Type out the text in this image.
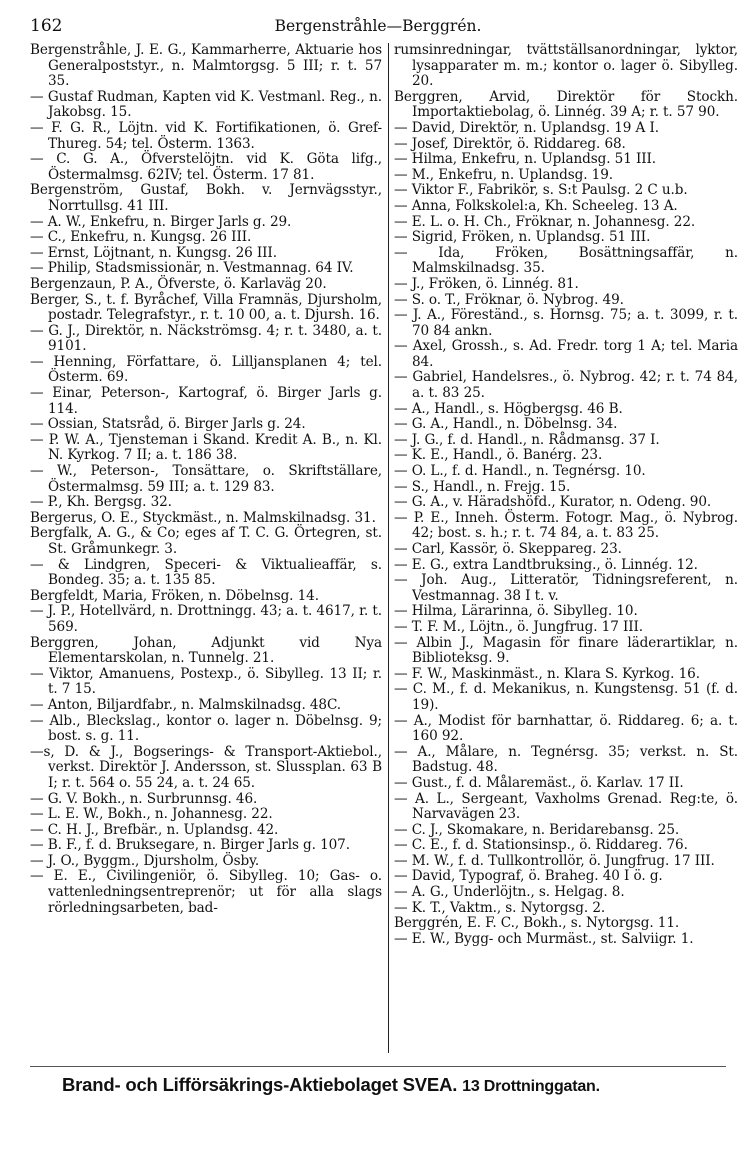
162	Bergenstråhle—Berggrén.
Bergenstråhle, J. E. G., Kammarherre, Aktuarie hos Generalpoststyr., n. Malmtorgsg. 5 III; r. t. 57 35.
— Gustaf Rudman, Kapten vid K. Vestmanl. Reg., n. Jakobsg. 15.
— F. G. R., Löjtn. vid K. Fortifikationen, ö. Gref-Thureg. 54; tel. Österm. 1363.
— C. G. A., Öfverstelöjtn. vid K. Göta lifg., Östermalmsg. 62IV; tel. Österm. 17 81.
Bergenström, Gustaf, Bokh. v. Jernvägsstyr., Norrtullsg. 41 III.
— A. W., Enkefru, n. Birger Jarls g. 29.
— C., Enkefru, n. Kungsg. 26 III.
— Ernst, Löjtnant, n. Kungsg. 26 III.
— Philip, Stadsmissionär, n. Vestmannag. 64 IV.
Bergenzaun, P. A., Öfverste, ö. Karlaväg 20.
Berger, S., t. f. Byråchef, Villa Framnäs, Djursholm, postadr. Telegrafstyr., r. t. 10 00, a. t. Djursh. 16.
— G. J., Direktör, n. Näckströmsg. 4; r. t. 3480, a. t. 9101.
— Henning, Författare, ö. Lilljansplanen 4; tel. Österm. 69.
— Einar, Peterson-, Kartograf, ö. Birger Jarls g. 114.
— Ossian, Statsråd, ö. Birger Jarls g. 24.
— P. W. A., Tjensteman i Skand. Kredit A. B., n. Kl. N. Kyrkog. 7 II; a. t. 186 38.
— W., Peterson-, Tonsättare, o. Skriftställare, Östermalmsg. 59 III; a. t. 129 83.
— P., Kh. Bergsg. 32.
Bergerus, O. E., Styckmäst., n. Malmskilnadsg. 31.
Bergfalk, A. G., & Co; eges af T. C. G. Örtegren, st. St. Gråmunkegr. 3.
— & Lindgren, Speceri- & Viktualieaffär, s. Bondeg. 35; a. t. 135 85.
Bergfeldt, Maria, Fröken, n. Döbelnsg. 14.
— J. P., Hotellvärd, n. Drottningg. 43; a. t. 4617, r. t. 569.
Berggren, Johan, Adjunkt vid Nya Elementarskolan, n. Tunnelg. 21.
— Viktor, Amanuens, Postexp., ö. Sibylleg. 13 II; r. t. 7 15.
— Anton, Biljardfabr., n. Malmskilnadsg. 48C.
— Alb., Bleckslag., kontor o. lager n. Döbelnsg. 9; bost. s. g. 11.
—s, D. & J., Bogserings- & Transport-Aktiebol., verkst. Direktör J. Andersson, st. Slussplan. 63 B I; r. t. 564 o. 55 24, a. t. 24 65.
— G. V. Bokh., n. Surbrunnsg. 46.
— L. E. W., Bokh., n. Johannesg. 22.
— C. H. J., Brefbär., n. Uplandsg. 42.
— B. F., f. d. Bruksegare, n. Birger Jarls g. 107.
— J. O., Byggm., Djursholm, Ösby.
— E. E., Civilingeniör, ö. Sibylleg. 10; Gas- o. vattenledningsentreprenör; ut för alla slags rörledningsarbeten, bad-
rumsinredningar, tvättställsanordningar, lyktor, lysapparater m. m.; kontor o. lager ö. Sibylleg. 20.
Berggren, Arvid, Direktör för Stockh. Importaktiebolag, ö. Linnég. 39 A; r. t. 57 90.
— David, Direktör, n. Uplandsg. 19 A I.
— Josef, Direktör, ö. Riddareg. 68.
— Hilma, Enkefru, n. Uplandsg. 51 III.
— M., Enkefru, n. Uplandsg. 19.
— Viktor F., Fabrikör, s. S:t Paulsg. 2 C u.b.
— Anna, Folkskolel:a, Kh. Scheeleg. 13 A.
— E. L. o. H. Ch., Fröknar, n. Johannesg. 22.
— Sigrid, Fröken, n. Uplandsg. 51 III.
— Ida, Fröken, Bosättningsaffär, n. Malmskilnadsg. 35.
— J., Fröken, ö. Linnég. 81.
— S. o. T., Fröknar, ö. Nybrog. 49.
— J. A., Föreständ., s. Hornsg. 75; a. t. 3099, r. t. 70 84 ankn.
— Axel, Grossh., s. Ad. Fredr. torg 1 A; tel. Maria 84.
— Gabriel, Handelsres., ö. Nybrog. 42; r. t. 74 84, a. t. 83 25.
— A., Handl., s. Högbergsg. 46 B.
— G. A., Handl., n. Döbelnsg. 34.
— J. G., f. d. Handl., n. Rådmansg. 37 I.
— K. E., Handl., ö. Banérg. 23.
— O. L., f. d. Handl., n. Tegnérsg. 10.
— S., Handl., n. Frejg. 15.
— G. A., v. Häradshöfd., Kurator, n. Odeng. 90.
— P. E., Inneh. Österm. Fotogr. Mag., ö. Nybrog. 42; bost. s. h.; r. t. 74 84, a. t. 83 25.
— Carl, Kassör, ö. Skeppareg. 23.
— E. G., extra Landtbruksing., ö. Linnég. 12.
— Joh. Aug., Litteratör, Tidningsreferent, n. Vestmannag. 38 I t. v.
— Hilma, Lärarinna, ö. Sibylleg. 10.
— T. F. M., Löjtn., ö. Jungfrug. 17 III.
— Albin J., Magasin för finare läderartiklar, n. Biblioteksg. 9.
— F. W., Maskinmäst., n. Klara S. Kyrkog. 16.
— C. M., f. d. Mekanikus, n. Kungstensg. 51 (f. d. 19).
— A., Modist för barnhattar, ö. Riddareg. 6; a. t. 160 92.
— A., Målare, n. Tegnérsg. 35; verkst. n. St. Badstug. 48.
— Gust., f. d. Målaremäst., ö. Karlav. 17 II.
— A. L., Sergeant, Vaxholms Grenad. Reg:te, ö. Narvavägen 23.
— C. J., Skomakare, n. Beridarebansg. 25.
— C. E., f. d. Stationsinsp., ö. Riddareg. 76.
— M. W., f. d. Tullkontrollör, ö. Jungfrug. 17 III.
— David, Typograf, ö. Braheg. 40 I ö. g.
— A. G., Underlöjtn., s. Helgag. 8.
— K. T., Vaktm., s. Nytorgsg. 2.
Berggrén, E. F. C., Bokh., s. Nytorgsg. 11.
— E. W., Bygg- och Murmäst., st. Salviigr. 1.
Brand- och Lifförsäkrings-Aktiebolaget SVEA. 13 Drottninggatan.
